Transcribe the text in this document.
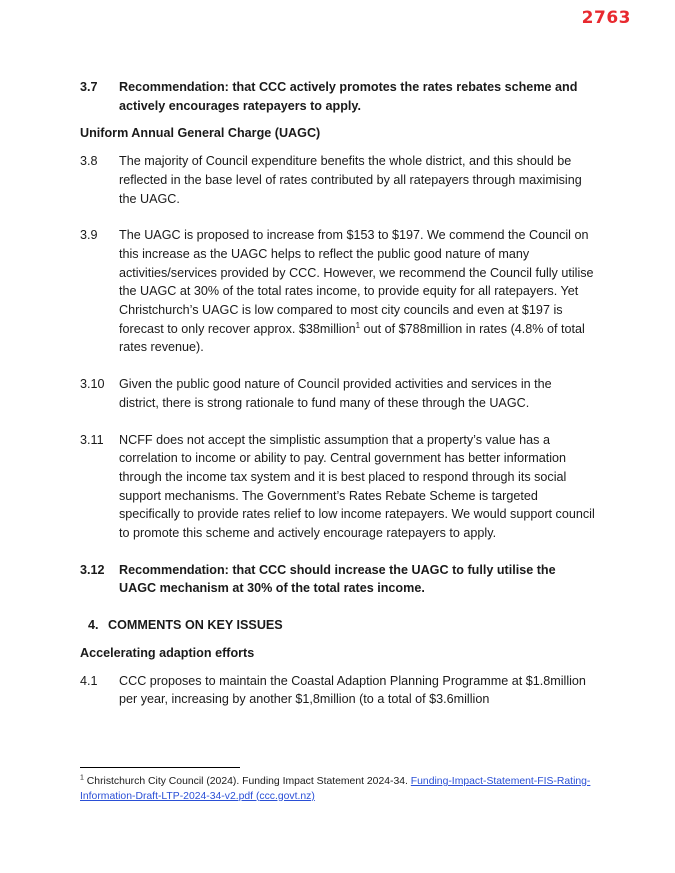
2763
3.7	Recommendation: that CCC actively promotes the rates rebates scheme and actively encourages ratepayers to apply.
Uniform Annual General Charge (UAGC)
3.8	The majority of Council expenditure benefits the whole district, and this should be reflected in the base level of rates contributed by all ratepayers through maximising the UAGC.
3.9	The UAGC is proposed to increase from $153 to $197. We commend the Council on this increase as the UAGC helps to reflect the public good nature of many activities/services provided by CCC. However, we recommend the Council fully utilise the UAGC at 30% of the total rates income, to provide equity for all ratepayers. Yet Christchurch’s UAGC is low compared to most city councils and even at $197 is forecast to only recover approx. $38million$^1$ out of $788million in rates (4.8% of total rates revenue).
3.10	Given the public good nature of Council provided activities and services in the district, there is strong rationale to fund many of these through the UAGC.
3.11	NCFF does not accept the simplistic assumption that a property’s value has a correlation to income or ability to pay. Central government has better information through the income tax system and it is best placed to respond through its social support mechanisms. The Government’s Rates Rebate Scheme is targeted specifically to provide rates relief to low income ratepayers. We would support council to promote this scheme and actively encourage ratepayers to apply.
3.12	Recommendation: that CCC should increase the UAGC to fully utilise the UAGC mechanism at 30% of the total rates income.
4. COMMENTS ON KEY ISSUES
Accelerating adaption efforts
4.1	CCC proposes to maintain the Coastal Adaption Planning Programme at $1.8million per year, increasing by another $1,8million (to a total of $3.6million
$^1$ Christchurch City Council (2024). Funding Impact Statement 2024-34. Funding-Impact-Statement-FIS-Rating-Information-Draft-LTP-2024-34-v2.pdf (ccc.govt.nz)
